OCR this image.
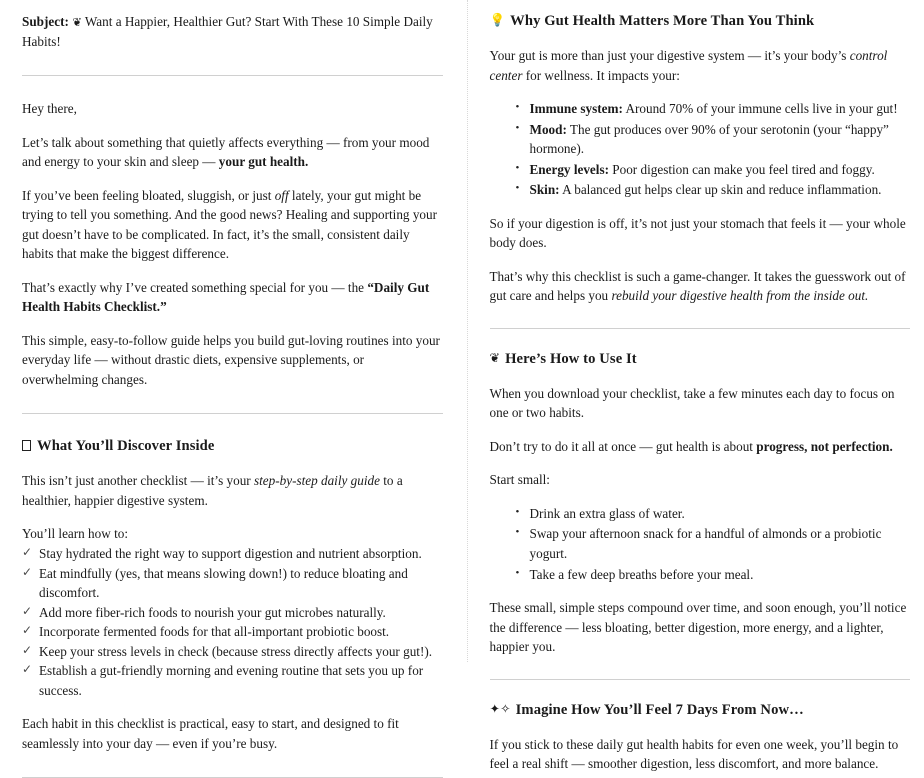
Subject: ❦ Want a Happier, Healthier Gut? Start With These 10 Simple Daily Habits!

Hey there,

Let’s talk about something that quietly affects everything — from your mood and energy to your skin and sleep — your gut health.

If you’ve been feeling bloated, sluggish, or just off lately, your gut might be trying to tell you something. And the good news? Healing and supporting your gut doesn’t have to be complicated. In fact, it’s the small, consistent daily habits that make the biggest difference.

That’s exactly why I’ve created something special for you — the “Daily Gut Health Habits Checklist.”

This simple, easy-to-follow guide helps you build gut-loving routines into your everyday life — without drastic diets, expensive supplements, or overwhelming changes.

What You’ll Discover Inside

This isn’t just another checklist — it’s your step-by-step daily guide to a healthier, happier digestive system.

You’ll learn how to:

✓ Stay hydrated the right way to support digestion and nutrient absorption.
✓ Eat mindfully (yes, that means slowing down!) to reduce bloating and discomfort.
✓ Add more fiber-rich foods to nourish your gut microbes naturally.
✓ Incorporate fermented foods for that all-important probiotic boost.
✓ Keep your stress levels in check (because stress directly affects your gut!).
✓ Establish a gut-friendly morning and evening routine that sets you up for success.

Each habit in this checklist is practical, easy to start, and designed to fit seamlessly into your day — even if you’re busy.

💡 Why Gut Health Matters More Than You Think

Your gut is more than just your digestive system — it’s your body’s control center for wellness. It impacts your:

• Immune system: Around 70% of your immune cells live in your gut!
• Mood: The gut produces over 90% of your serotonin (your “happy” hormone).
• Energy levels: Poor digestion can make you feel tired and foggy.
• Skin: A balanced gut helps clear up skin and reduce inflammation.

So if your digestion is off, it’s not just your stomach that feels it — your whole body does.

That’s why this checklist is such a game-changer. It takes the guesswork out of gut care and helps you rebuild your digestive health from the inside out.

❦ Here’s How to Use It

When you download your checklist, take a few minutes each day to focus on one or two habits.

Don’t try to do it all at once — gut health is about progress, not perfection.

Start small:

• Drink an extra glass of water.
• Swap your afternoon snack for a handful of almonds or a probiotic yogurt.
• Take a few deep breaths before your meal.

These small, simple steps compound over time, and soon enough, you’ll notice the difference — less bloating, better digestion, more energy, and a lighter, happier you.

✦✧ Imagine How You’ll Feel 7 Days From Now…

If you stick to these daily gut health habits for even one week, you’ll begin to feel a real shift — smoother digestion, less discomfort, and more balance.
